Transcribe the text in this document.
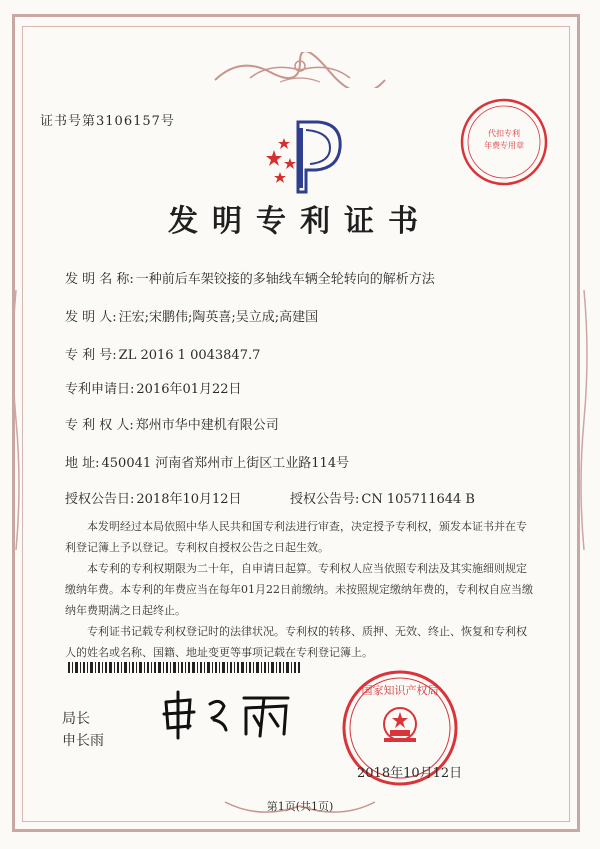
证书号第3106157号
代扣专利
年费专用章
发明专利证书
发 明 名 称: 一种前后车架铰接的多轴线车辆全轮转向的解析方法
发 明 人: 汪宏;宋鹏伟;陶英喜;吴立成;高建国
专 利 号: ZL 2016 1 0043847.7
专利申请日: 2016年01月22日
专 利 权 人: 郑州市华中建机有限公司
地 址: 450041 河南省郑州市上街区工业路114号
授权公告日: 2018年10月12日	授权公告号: CN 105711644 B
本发明经过本局依照中华人民共和国专利法进行审查，决定授予专利权，颁发本证书并在专利登记簿上予以登记。专利权自授权公告之日起生效。
本专利的专利权期限为二十年，自申请日起算。专利权人应当依照专利法及其实施细则规定缴纳年费。本专利的年费应当在每年01月22日前缴纳。未按照规定缴纳年费的，专利权自应当缴纳年费期满之日起终止。
专利证书记载专利权登记时的法律状况。专利权的转移、质押、无效、终止、恢复和专利权人的姓名或名称、国籍、地址变更等事项记载在专利登记簿上。
局长
申长雨
国家知识产权局
2018年10月12日
第1页(共1页)
